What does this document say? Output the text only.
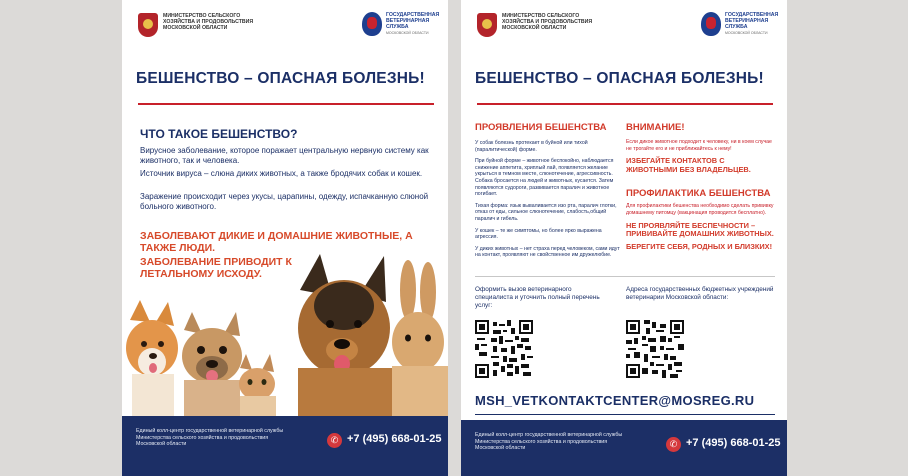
МИНИСТЕРСТВО СЕЛЬСКОГО ХОЗЯЙСТВА И ПРОДОВОЛЬСТВИЯ МОСКОВСКОЙ ОБЛАСТИ
ГОСУДАРСТВЕННАЯ ВЕТЕРИНАРНАЯ СЛУЖБА
МОСКОВСКОЙ ОБЛАСТИ
БЕШЕНСТВО – ОПАСНАЯ БОЛЕЗНЬ!
ЧТО ТАКОЕ БЕШЕНСТВО?
Вирусное заболевание, которое поражает центральную нервную систему как животного, так и человека.
Источник вируса – слюна диких животных, а также бродячих собак и кошек.
Заражение происходит через укусы, царапины, одежду, испачканную слюной больного животного.
ЗАБОЛЕВАЮТ ДИКИЕ И ДОМАШНИЕ ЖИВОТНЫЕ, А ТАКЖЕ ЛЮДИ.
ЗАБОЛЕВАНИЕ ПРИВОДИТ К ЛЕТАЛЬНОМУ ИСХОДУ.
Единый колл-центр государственной ветеринарной службы Министерства сельского хозяйства и продовольствия Московской области	✆ +7 (495) 668-01-25
МИНИСТЕРСТВО СЕЛЬСКОГО ХОЗЯЙСТВА И ПРОДОВОЛЬСТВИЯ МОСКОВСКОЙ ОБЛАСТИ
ГОСУДАРСТВЕННАЯ ВЕТЕРИНАРНАЯ СЛУЖБА
МОСКОВСКОЙ ОБЛАСТИ
БЕШЕНСТВО – ОПАСНАЯ БОЛЕЗНЬ!
ПРОЯВЛЕНИЯ БЕШЕНСТВА
У собак болезнь протекает в буйной или тихой (паралитической) форме.
При буйной форме – животное беспокойно, наблюдается снижение аппетита, хриплый лай, появляется желание укрыться в темном месте, слюнотечение, агрессивность. Собака бросается на людей и животных, кусается. Затем появляются судороги, развивается паралич и животное погибает.
Тихая форма: язык вываливается изо рта, паралич глотки, отказ от еды, сильное слюнотечение, слабость,общий паралич и гибель.
У кошек – те же симптомы, но более ярко выражена агрессия.
У диких животных – нет страха перед человеком, сами идут на контакт, проявляют не свойственное им дружелюбие.
ВНИМАНИЕ!
Если дикое животное подходит к человеку, ни в коем случае не трогайте его и не приближайтесь к нему!
ИЗБЕГАЙТЕ КОНТАКТОВ С ЖИВОТНЫМИ БЕЗ ВЛАДЕЛЬЦЕВ.
ПРОФИЛАКТИКА БЕШЕНСТВА
Для профилактики бешенства необходимо сделать прививку домашнему питомцу (вакцинация проводится бесплатно).
НЕ ПРОЯВЛЯЙТЕ БЕСПЕЧНОСТИ – ПРИВИВАЙТЕ ДОМАШНИХ ЖИВОТНЫХ.
БЕРЕГИТЕ СЕБЯ, РОДНЫХ И БЛИЗКИХ!
Оформить вызов ветеринарного специалиста и уточнить полный перечень услуг:
Адреса государственных бюджетных учреждений ветеринарии Московской области:
MSH_VETKONTAKTCENTER@MOSREG.RU
Единый колл-центр государственной ветеринарной службы Министерства сельского хозяйства и продовольствия Московской области	✆ +7 (495) 668-01-25
